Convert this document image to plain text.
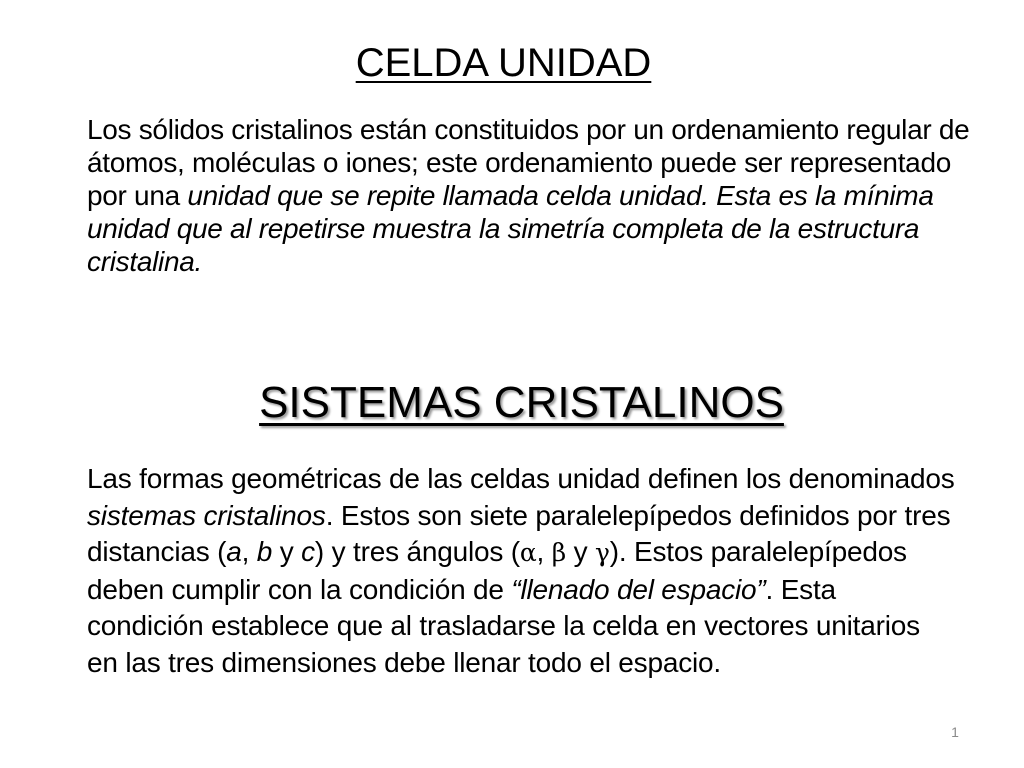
CELDA UNIDAD

Los sólidos cristalinos están constituidos por un ordenamiento regular de átomos, moléculas o iones; este ordenamiento puede ser representado por una unidad que se repite llamada celda unidad. Esta es la mínima unidad que al repetirse muestra la simetría completa de la estructura cristalina.

SISTEMAS CRISTALINOS

Las formas geométricas de las celdas unidad definen los denominados sistemas cristalinos. Estos son siete paralelepípedos definidos por tres distancias (a, b y c) y tres ángulos (α, β y γ). Estos paralelepípedos deben cumplir con la condición de “llenado del espacio”. Esta condición establece que al trasladarse la celda en vectores unitarios en las tres dimensiones debe llenar todo el espacio.

1
